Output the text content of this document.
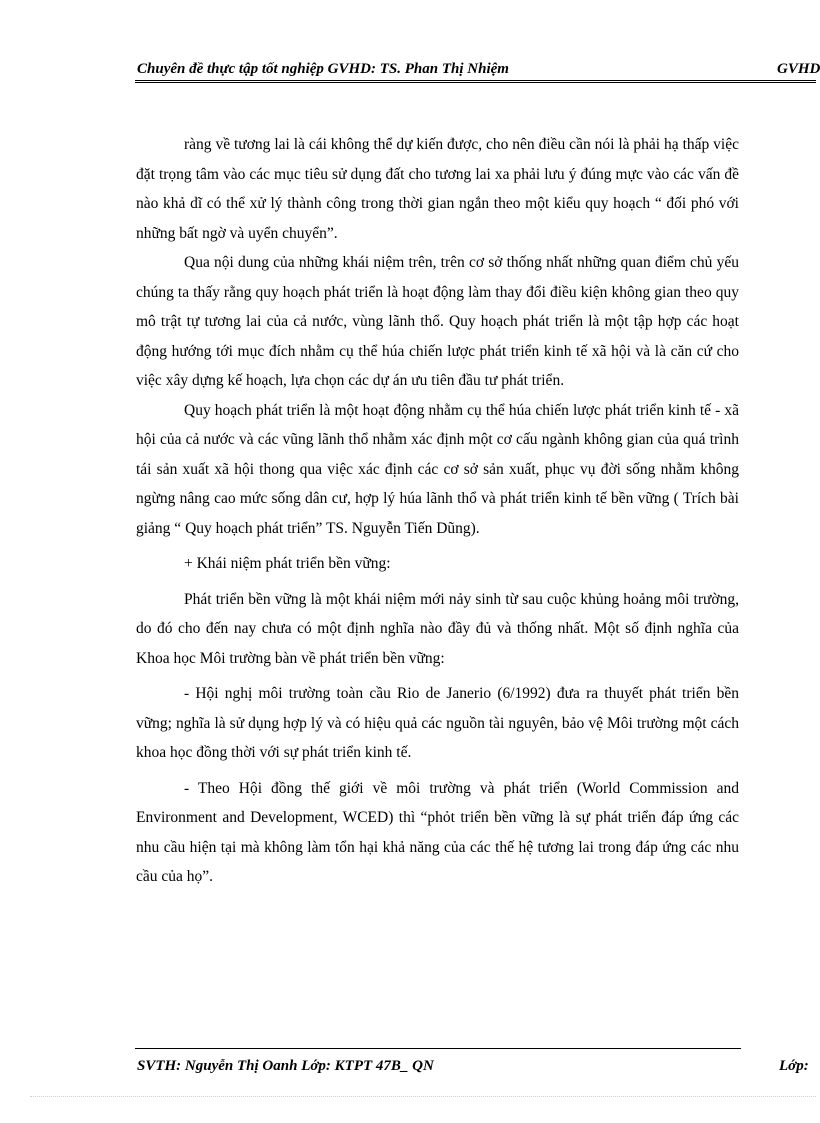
Chuyên đề thực tập tốt nghiệp GVHD: TS. Phan Thị Nhiệm	GVHD

ràng về tương lai là cái không thể dự kiến được, cho nên điều cần nói là phải hạ thấp việc đặt trọng tâm vào các mục tiêu sử dụng đất cho tương lai xa phải lưu ý đúng mực vào các vấn đề nào khả dĩ có thể xử lý thành công trong thời gian ngắn theo một kiểu quy hoạch “ đối phó với những bất ngờ và uyển chuyển”.

Qua nội dung của những khái niệm trên, trên cơ sở thống nhất những quan điểm chủ yếu chúng ta thấy rằng quy hoạch phát triển là hoạt động làm thay đổi điều kiện không gian theo quy mô trật tự tương lai của cả nước, vùng lãnh thổ. Quy hoạch phát triển là một tập hợp các hoạt động hướng tới mục đích nhằm cụ thể húa chiến lược phát triển kinh tế xã hội và là căn cứ cho việc xây dựng kế hoạch, lựa chọn các dự án ưu tiên đầu tư phát triển.

Quy hoạch phát triển là một hoạt động nhằm cụ thể húa chiến lược phát triển kinh tế - xã hội của cả nước và các vũng lãnh thổ nhằm xác định một cơ cấu ngành không gian của quá trình tái sản xuất xã hội thong qua việc xác định các cơ sở sản xuất, phục vụ đời sống nhằm không ngừng nâng cao mức sống dân cư, hợp lý húa lãnh thổ và phát triển kinh tế bền vững ( Trích bài giảng “ Quy hoạch phát triển” TS. Nguyễn Tiến Dũng).

+ Khái niệm phát triển bền vững:

Phát triển bền vững là một khái niệm mới nảy sinh từ sau cuộc khủng hoảng môi trường, do đó cho đến nay chưa có một định nghĩa nào đầy đủ và thống nhất. Một số định nghĩa của Khoa học Môi trường bàn về phát triển bền vững:

- Hội nghị môi trường toàn cầu Rio de Janerio (6/1992) đưa ra thuyết phát triển bền vững; nghĩa là sử dụng hợp lý và có hiệu quả các nguồn tài nguyên, bảo vệ Môi trường một cách khoa học đồng thời với sự phát triển kinh tế.

- Theo Hội đồng thế giới về môi trường và phát triển (World Commission and Environment and Development, WCED) thì “phỏt triển bền vững là sự phát triển đáp ứng các nhu cầu hiện tại mà không làm tổn hại khả năng của các thế hệ tương lai trong đáp ứng các nhu cầu của họ”.

SVTH: Nguyễn Thị Oanh Lớp: KTPT 47B_ QN	Lớp:
